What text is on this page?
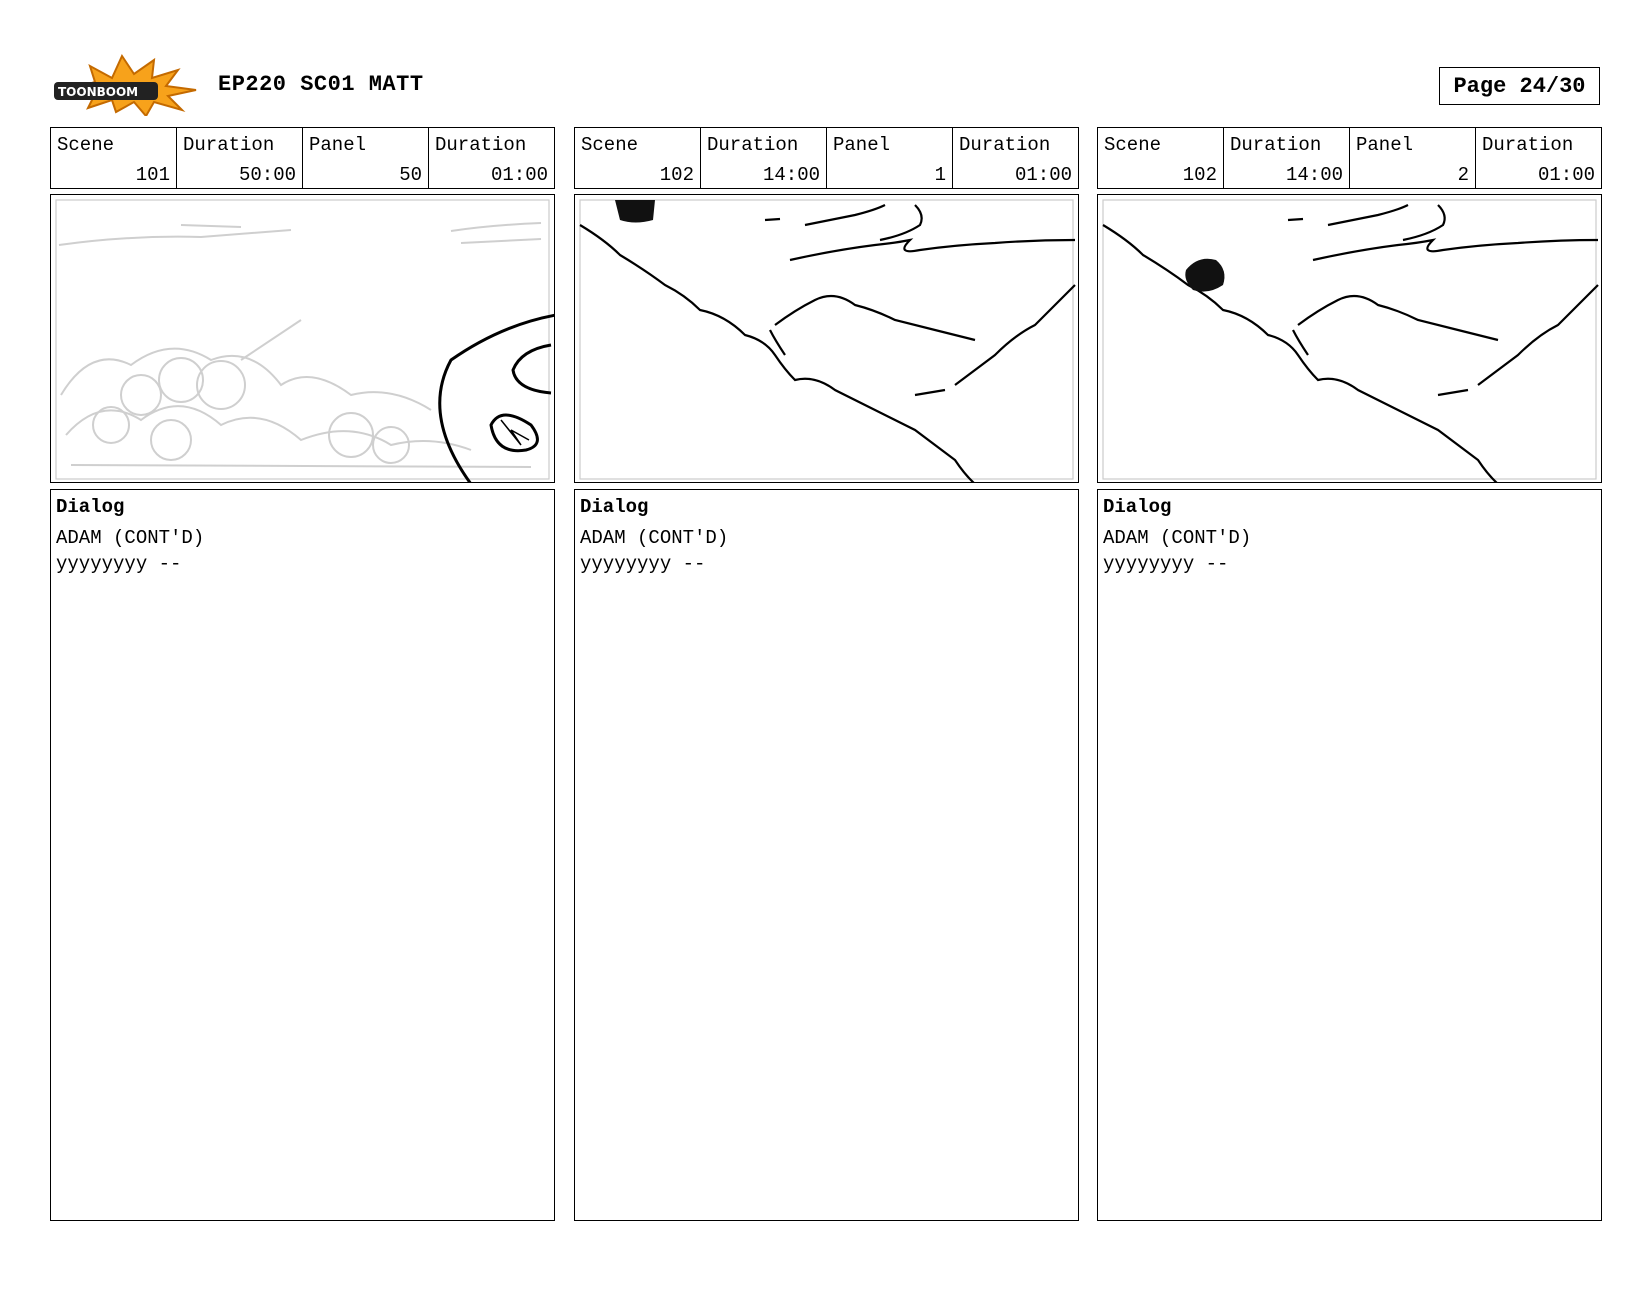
TOONBOOM	EP220 SC01 MATT	Page 24/30
Scene
101
Duration
50:00
Panel
50
Duration
01:00
Dialog
ADAM (CONT'D)
yyyyyyyy --
Scene
102
Duration
14:00
Panel
1
Duration
01:00
Dialog
ADAM (CONT'D)
yyyyyyyy --
Scene
102
Duration
14:00
Panel
2
Duration
01:00
Dialog
ADAM (CONT'D)
yyyyyyyy --
